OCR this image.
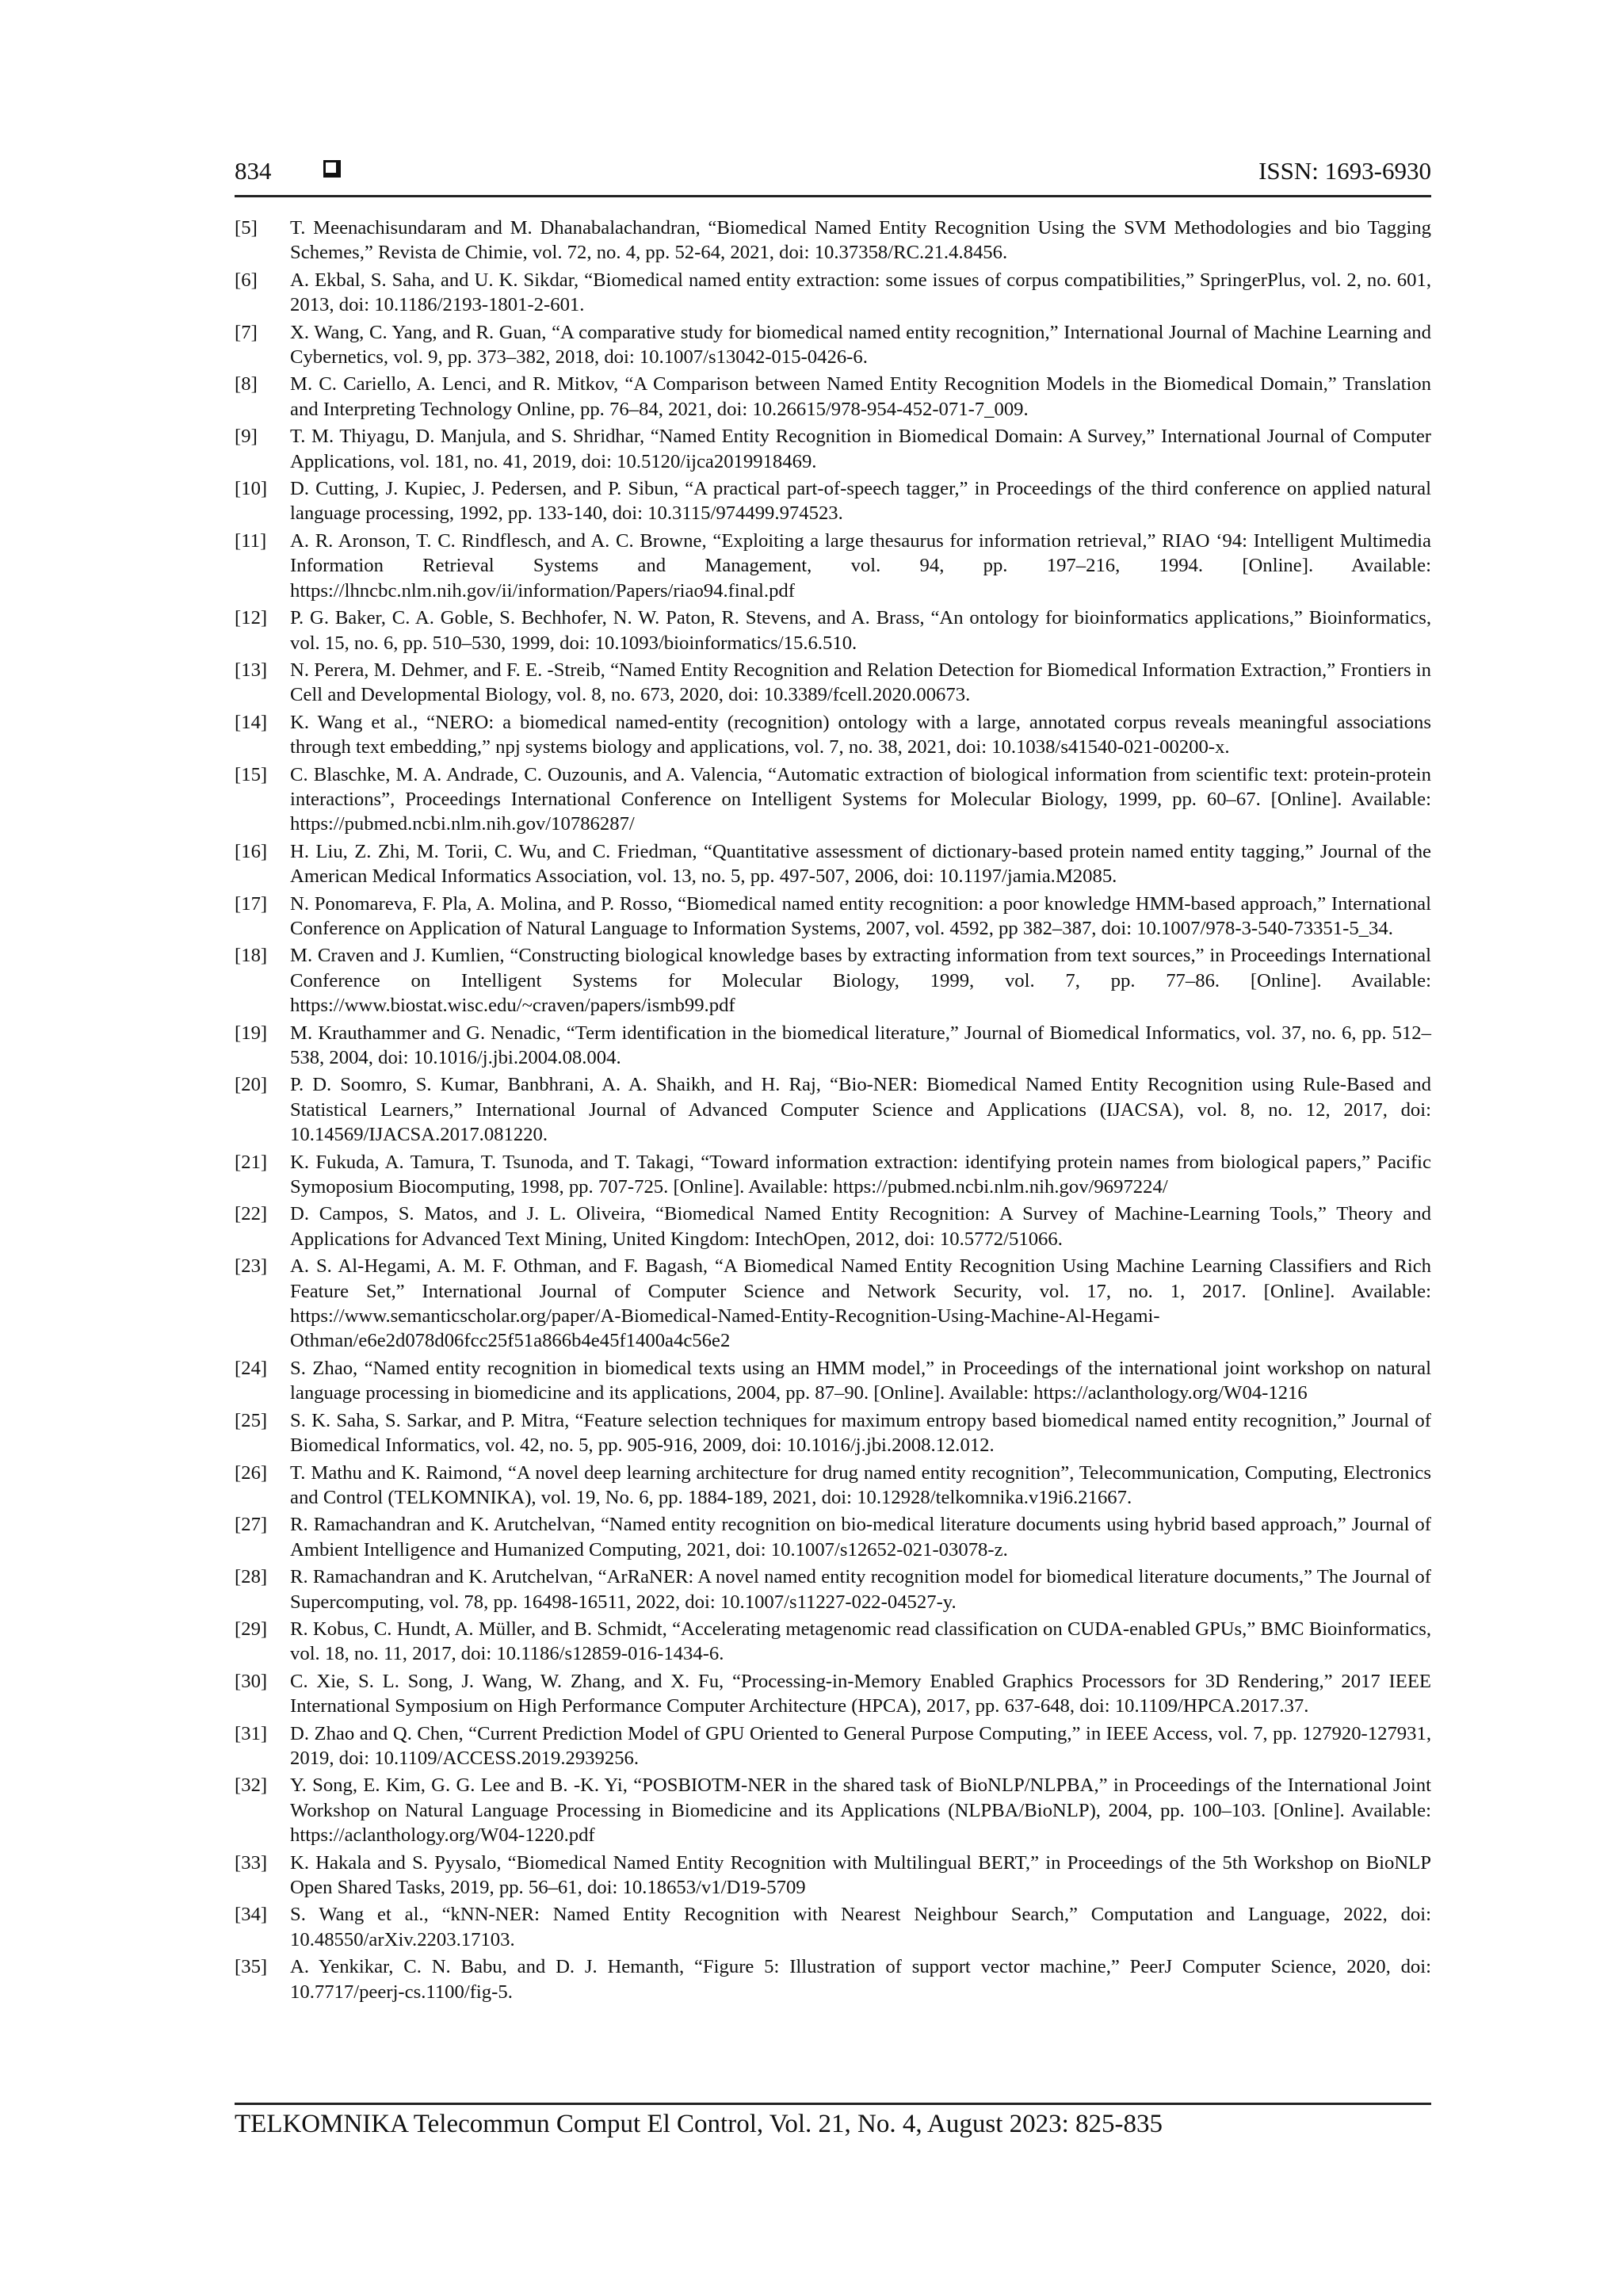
834	ISSN: 1693-6930
[5]	T. Meenachisundaram and M. Dhanabalachandran, “Biomedical Named Entity Recognition Using the SVM Methodologies and bio Tagging Schemes,” Revista de Chimie, vol. 72, no. 4, pp. 52-64, 2021, doi: 10.37358/RC.21.4.8456.
[6]	A. Ekbal, S. Saha, and U. K. Sikdar, “Biomedical named entity extraction: some issues of corpus compatibilities,” SpringerPlus, vol. 2, no. 601, 2013, doi: 10.1186/2193-1801-2-601.
[7]	X. Wang, C. Yang, and R. Guan, “A comparative study for biomedical named entity recognition,” International Journal of Machine Learning and Cybernetics, vol. 9, pp. 373–382, 2018, doi: 10.1007/s13042-015-0426-6.
[8]	M. C. Cariello, A. Lenci, and R. Mitkov, “A Comparison between Named Entity Recognition Models in the Biomedical Domain,” Translation and Interpreting Technology Online, pp. 76–84, 2021, doi: 10.26615/978-954-452-071-7_009.
[9]	T. M. Thiyagu, D. Manjula, and S. Shridhar, “Named Entity Recognition in Biomedical Domain: A Survey,” International Journal of Computer Applications, vol. 181, no. 41, 2019, doi: 10.5120/ijca2019918469.
[10]	D. Cutting, J. Kupiec, J. Pedersen, and P. Sibun, “A practical part-of-speech tagger,” in Proceedings of the third conference on applied natural language processing, 1992, pp. 133-140, doi: 10.3115/974499.974523.
[11]	A. R. Aronson, T. C. Rindflesch, and A. C. Browne, “Exploiting a large thesaurus for information retrieval,” RIAO ‘94: Intelligent Multimedia Information Retrieval Systems and Management, vol. 94, pp. 197–216, 1994. [Online]. Available: https://lhncbc.nlm.nih.gov/ii/information/Papers/riao94.final.pdf
[12]	P. G. Baker, C. A. Goble, S. Bechhofer, N. W. Paton, R. Stevens, and A. Brass, “An ontology for bioinformatics applications,” Bioinformatics, vol. 15, no. 6, pp. 510–530, 1999, doi: 10.1093/bioinformatics/15.6.510.
[13]	N. Perera, M. Dehmer, and F. E. -Streib, “Named Entity Recognition and Relation Detection for Biomedical Information Extraction,” Frontiers in Cell and Developmental Biology, vol. 8, no. 673, 2020, doi: 10.3389/fcell.2020.00673.
[14]	K. Wang et al., “NERO: a biomedical named-entity (recognition) ontology with a large, annotated corpus reveals meaningful associations through text embedding,” npj systems biology and applications, vol. 7, no. 38, 2021, doi: 10.1038/s41540-021-00200-x.
[15]	C. Blaschke, M. A. Andrade, C. Ouzounis, and A. Valencia, “Automatic extraction of biological information from scientific text: protein-protein interactions”, Proceedings International Conference on Intelligent Systems for Molecular Biology, 1999, pp. 60–67. [Online]. Available: https://pubmed.ncbi.nlm.nih.gov/10786287/
[16]	H. Liu, Z. Zhi, M. Torii, C. Wu, and C. Friedman, “Quantitative assessment of dictionary-based protein named entity tagging,” Journal of the American Medical Informatics Association, vol. 13, no. 5, pp. 497-507, 2006, doi: 10.1197/jamia.M2085.
[17]	N. Ponomareva, F. Pla, A. Molina, and P. Rosso, “Biomedical named entity recognition: a poor knowledge HMM-based approach,” International Conference on Application of Natural Language to Information Systems, 2007, vol. 4592, pp 382–387, doi: 10.1007/978-3-540-73351-5_34.
[18]	M. Craven and J. Kumlien, “Constructing biological knowledge bases by extracting information from text sources,” in Proceedings International Conference on Intelligent Systems for Molecular Biology, 1999, vol. 7, pp. 77–86. [Online]. Available: https://www.biostat.wisc.edu/~craven/papers/ismb99.pdf
[19]	M. Krauthammer and G. Nenadic, “Term identification in the biomedical literature,” Journal of Biomedical Informatics, vol. 37, no. 6, pp. 512–538, 2004, doi: 10.1016/j.jbi.2004.08.004.
[20]	P. D. Soomro, S. Kumar, Banbhrani, A. A. Shaikh, and H. Raj, “Bio-NER: Biomedical Named Entity Recognition using Rule-Based and Statistical Learners,” International Journal of Advanced Computer Science and Applications (IJACSA), vol. 8, no. 12, 2017, doi: 10.14569/IJACSA.2017.081220.
[21]	K. Fukuda, A. Tamura, T. Tsunoda, and T. Takagi, “Toward information extraction: identifying protein names from biological papers,” Pacific Symoposium Biocomputing, 1998, pp. 707-725. [Online]. Available: https://pubmed.ncbi.nlm.nih.gov/9697224/
[22]	D. Campos, S. Matos, and J. L. Oliveira, “Biomedical Named Entity Recognition: A Survey of Machine-Learning Tools,” Theory and Applications for Advanced Text Mining, United Kingdom: IntechOpen, 2012, doi: 10.5772/51066.
[23]	A. S. Al-Hegami, A. M. F. Othman, and F. Bagash, “A Biomedical Named Entity Recognition Using Machine Learning Classifiers and Rich Feature Set,” International Journal of Computer Science and Network Security, vol. 17, no. 1, 2017. [Online]. Available: https://www.semanticscholar.org/paper/A-Biomedical-Named-Entity-Recognition-Using-Machine-Al-Hegami-Othman/e6e2d078d06fcc25f51a866b4e45f1400a4c56e2
[24]	S. Zhao, “Named entity recognition in biomedical texts using an HMM model,” in Proceedings of the international joint workshop on natural language processing in biomedicine and its applications, 2004, pp. 87–90. [Online]. Available: https://aclanthology.org/W04-1216
[25]	S. K. Saha, S. Sarkar, and P. Mitra, “Feature selection techniques for maximum entropy based biomedical named entity recognition,” Journal of Biomedical Informatics, vol. 42, no. 5, pp. 905-916, 2009, doi: 10.1016/j.jbi.2008.12.012.
[26]	T. Mathu and K. Raimond, “A novel deep learning architecture for drug named entity recognition”, Telecommunication, Computing, Electronics and Control (TELKOMNIKA), vol. 19, No. 6, pp. 1884-189, 2021, doi: 10.12928/telkomnika.v19i6.21667.
[27]	R. Ramachandran and K. Arutchelvan, “Named entity recognition on bio-medical literature documents using hybrid based approach,” Journal of Ambient Intelligence and Humanized Computing, 2021, doi: 10.1007/s12652-021-03078-z.
[28]	R. Ramachandran and K. Arutchelvan, “ArRaNER: A novel named entity recognition model for biomedical literature documents,” The Journal of Supercomputing, vol. 78, pp. 16498-16511, 2022, doi: 10.1007/s11227-022-04527-y.
[29]	R. Kobus, C. Hundt, A. Müller, and B. Schmidt, “Accelerating metagenomic read classification on CUDA-enabled GPUs,” BMC Bioinformatics, vol. 18, no. 11, 2017, doi: 10.1186/s12859-016-1434-6.
[30]	C. Xie, S. L. Song, J. Wang, W. Zhang, and X. Fu, “Processing-in-Memory Enabled Graphics Processors for 3D Rendering,” 2017 IEEE International Symposium on High Performance Computer Architecture (HPCA), 2017, pp. 637-648, doi: 10.1109/HPCA.2017.37.
[31]	D. Zhao and Q. Chen, “Current Prediction Model of GPU Oriented to General Purpose Computing,” in IEEE Access, vol. 7, pp. 127920-127931, 2019, doi: 10.1109/ACCESS.2019.2939256.
[32]	Y. Song, E. Kim, G. G. Lee and B. -K. Yi, “POSBIOTM-NER in the shared task of BioNLP/NLPBA,” in Proceedings of the International Joint Workshop on Natural Language Processing in Biomedicine and its Applications (NLPBA/BioNLP), 2004, pp. 100–103. [Online]. Available: https://aclanthology.org/W04-1220.pdf
[33]	K. Hakala and S. Pyysalo, “Biomedical Named Entity Recognition with Multilingual BERT,” in Proceedings of the 5th Workshop on BioNLP Open Shared Tasks, 2019, pp. 56–61, doi: 10.18653/v1/D19-5709
[34]	S. Wang et al., “kNN-NER: Named Entity Recognition with Nearest Neighbour Search,” Computation and Language, 2022, doi: 10.48550/arXiv.2203.17103.
[35]	A. Yenkikar, C. N. Babu, and D. J. Hemanth, “Figure 5: Illustration of support vector machine,” PeerJ Computer Science, 2020, doi: 10.7717/peerj-cs.1100/fig-5.
TELKOMNIKA Telecommun Comput El Control, Vol. 21, No. 4, August 2023: 825-835
